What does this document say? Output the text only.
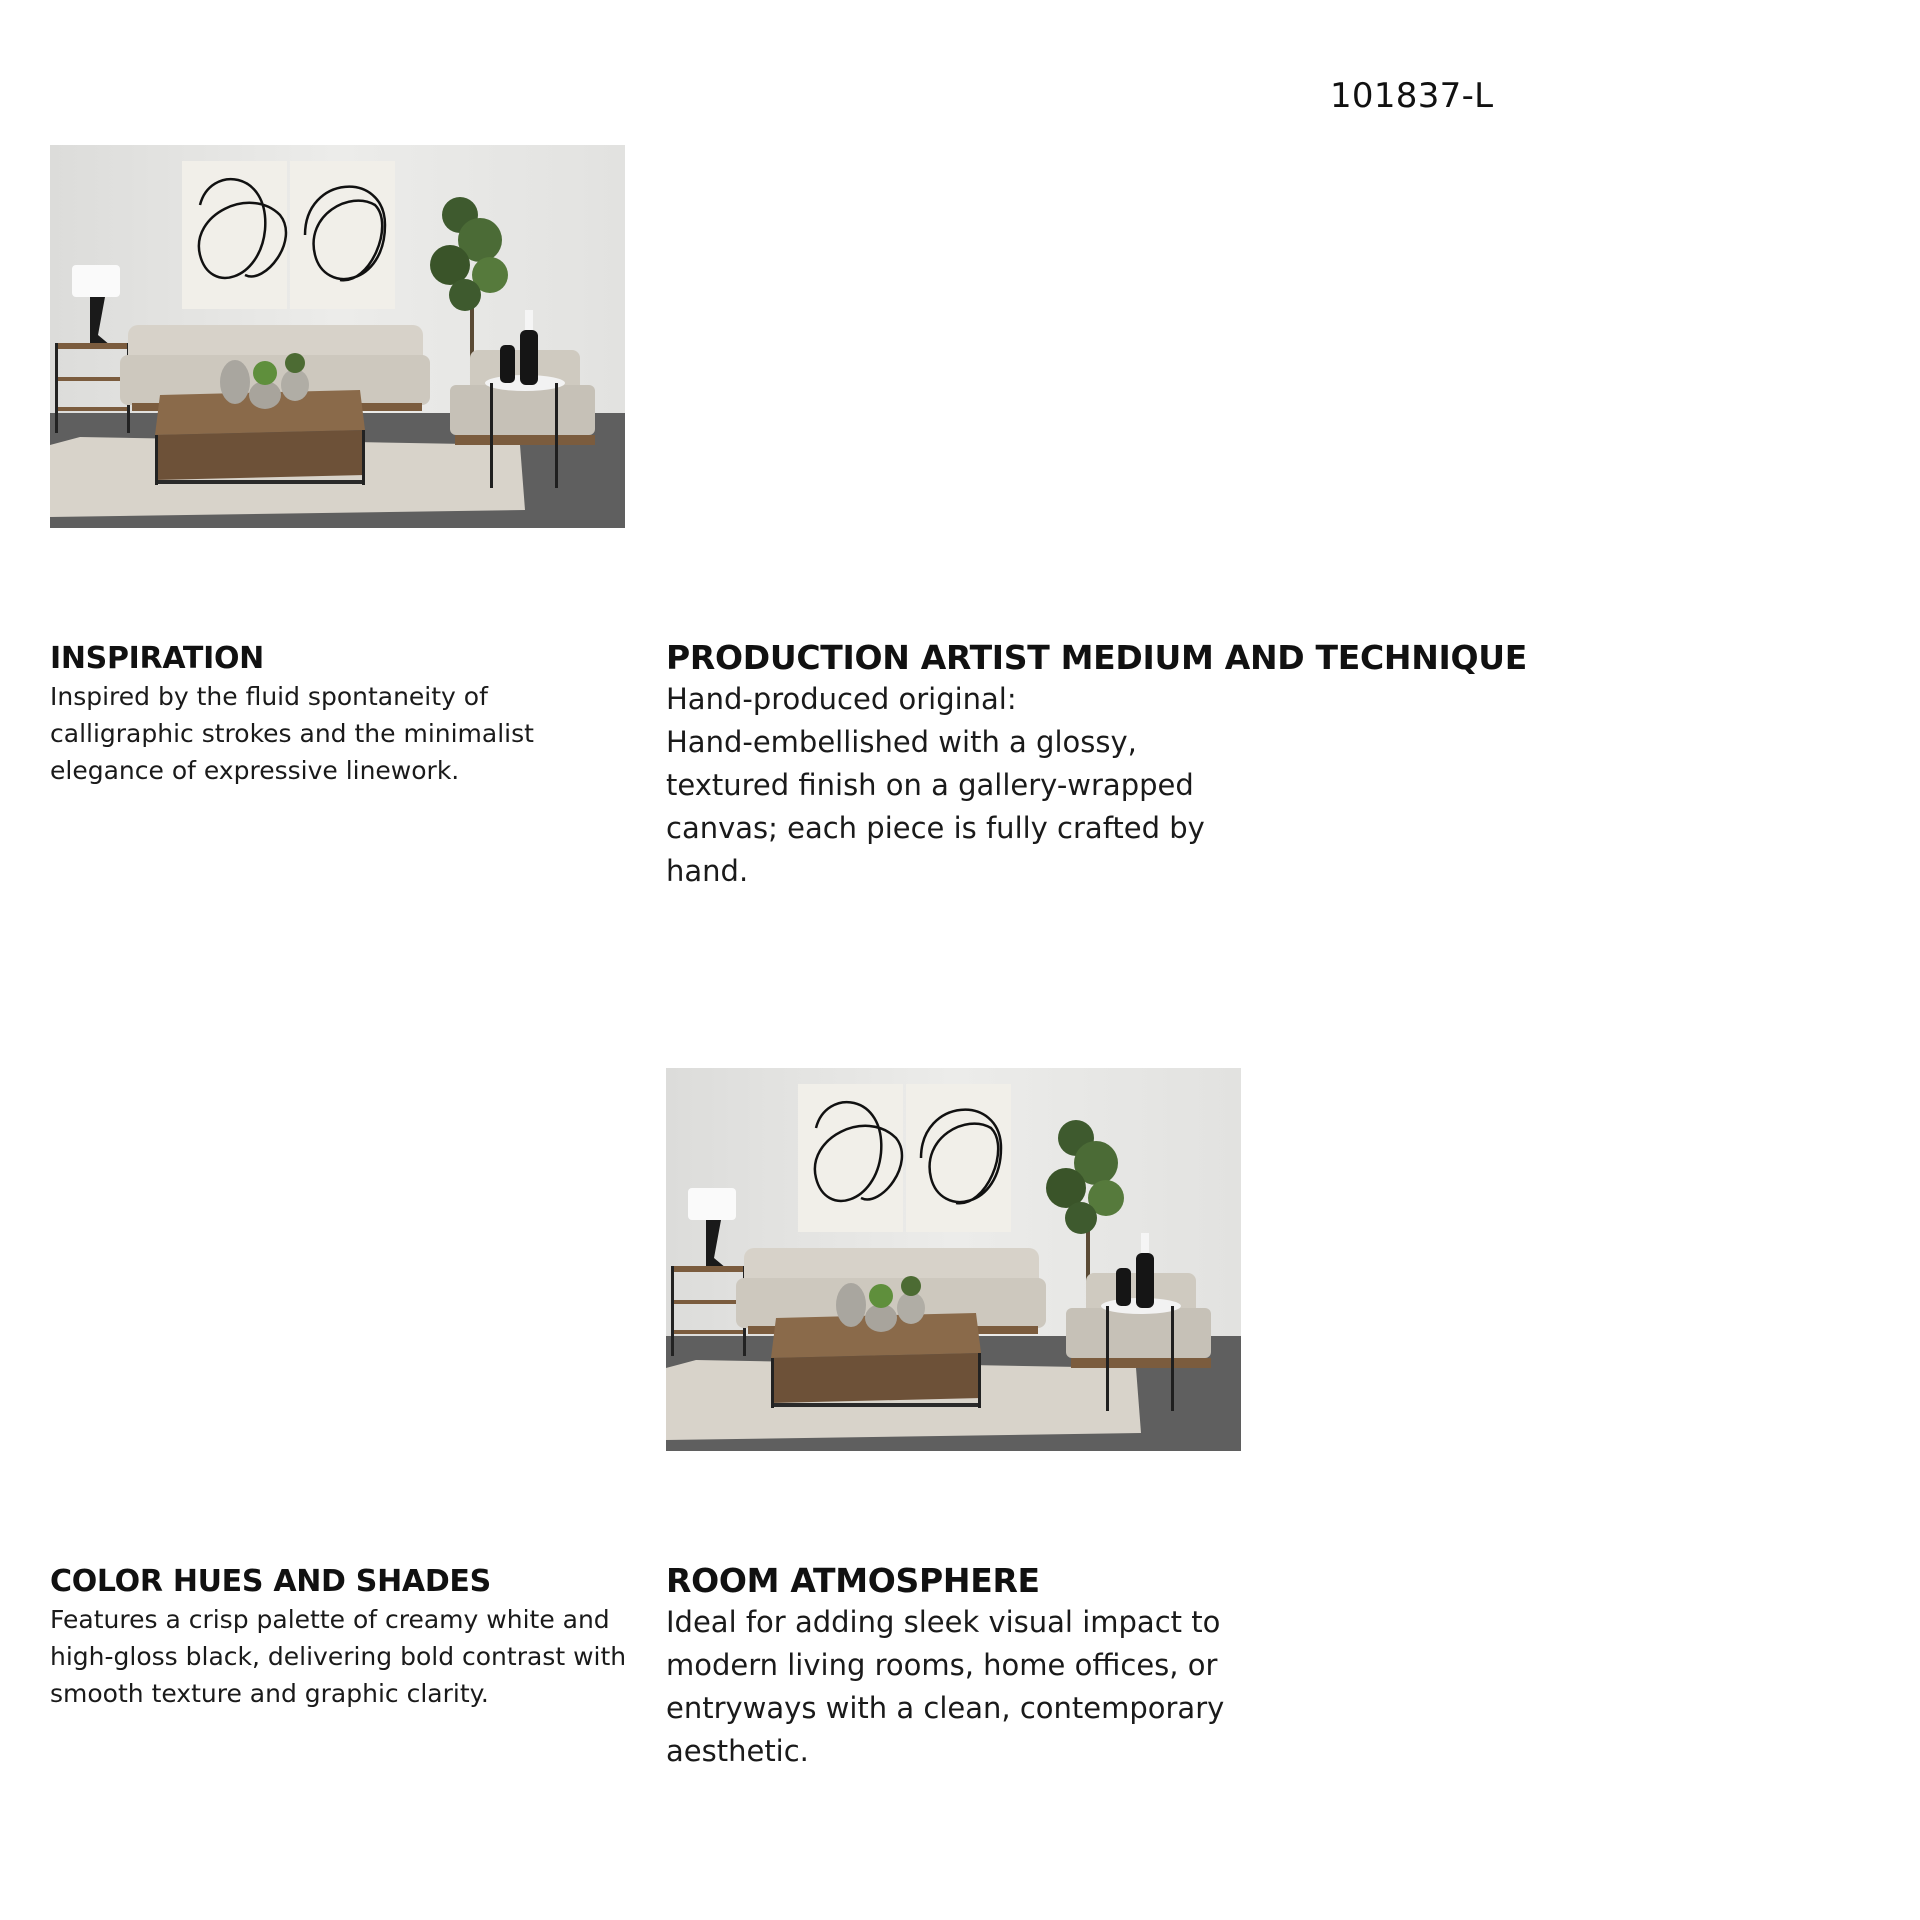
101837-L
INSPIRATION
Inspired by the fluid spontaneity of calligraphic strokes and the minimalist elegance of expressive linework.
PRODUCTION ARTIST MEDIUM AND TECHNIQUE
Hand-produced original:
Hand-embellished with a glossy, textured finish on a gallery-wrapped canvas; each piece is fully crafted by hand.
COLOR HUES AND SHADES
Features a crisp palette of creamy white and high-gloss black, delivering bold contrast with smooth texture and graphic clarity.
ROOM ATMOSPHERE
Ideal for adding sleek visual impact to modern living rooms, home offices, or entryways with a clean, contemporary aesthetic.
